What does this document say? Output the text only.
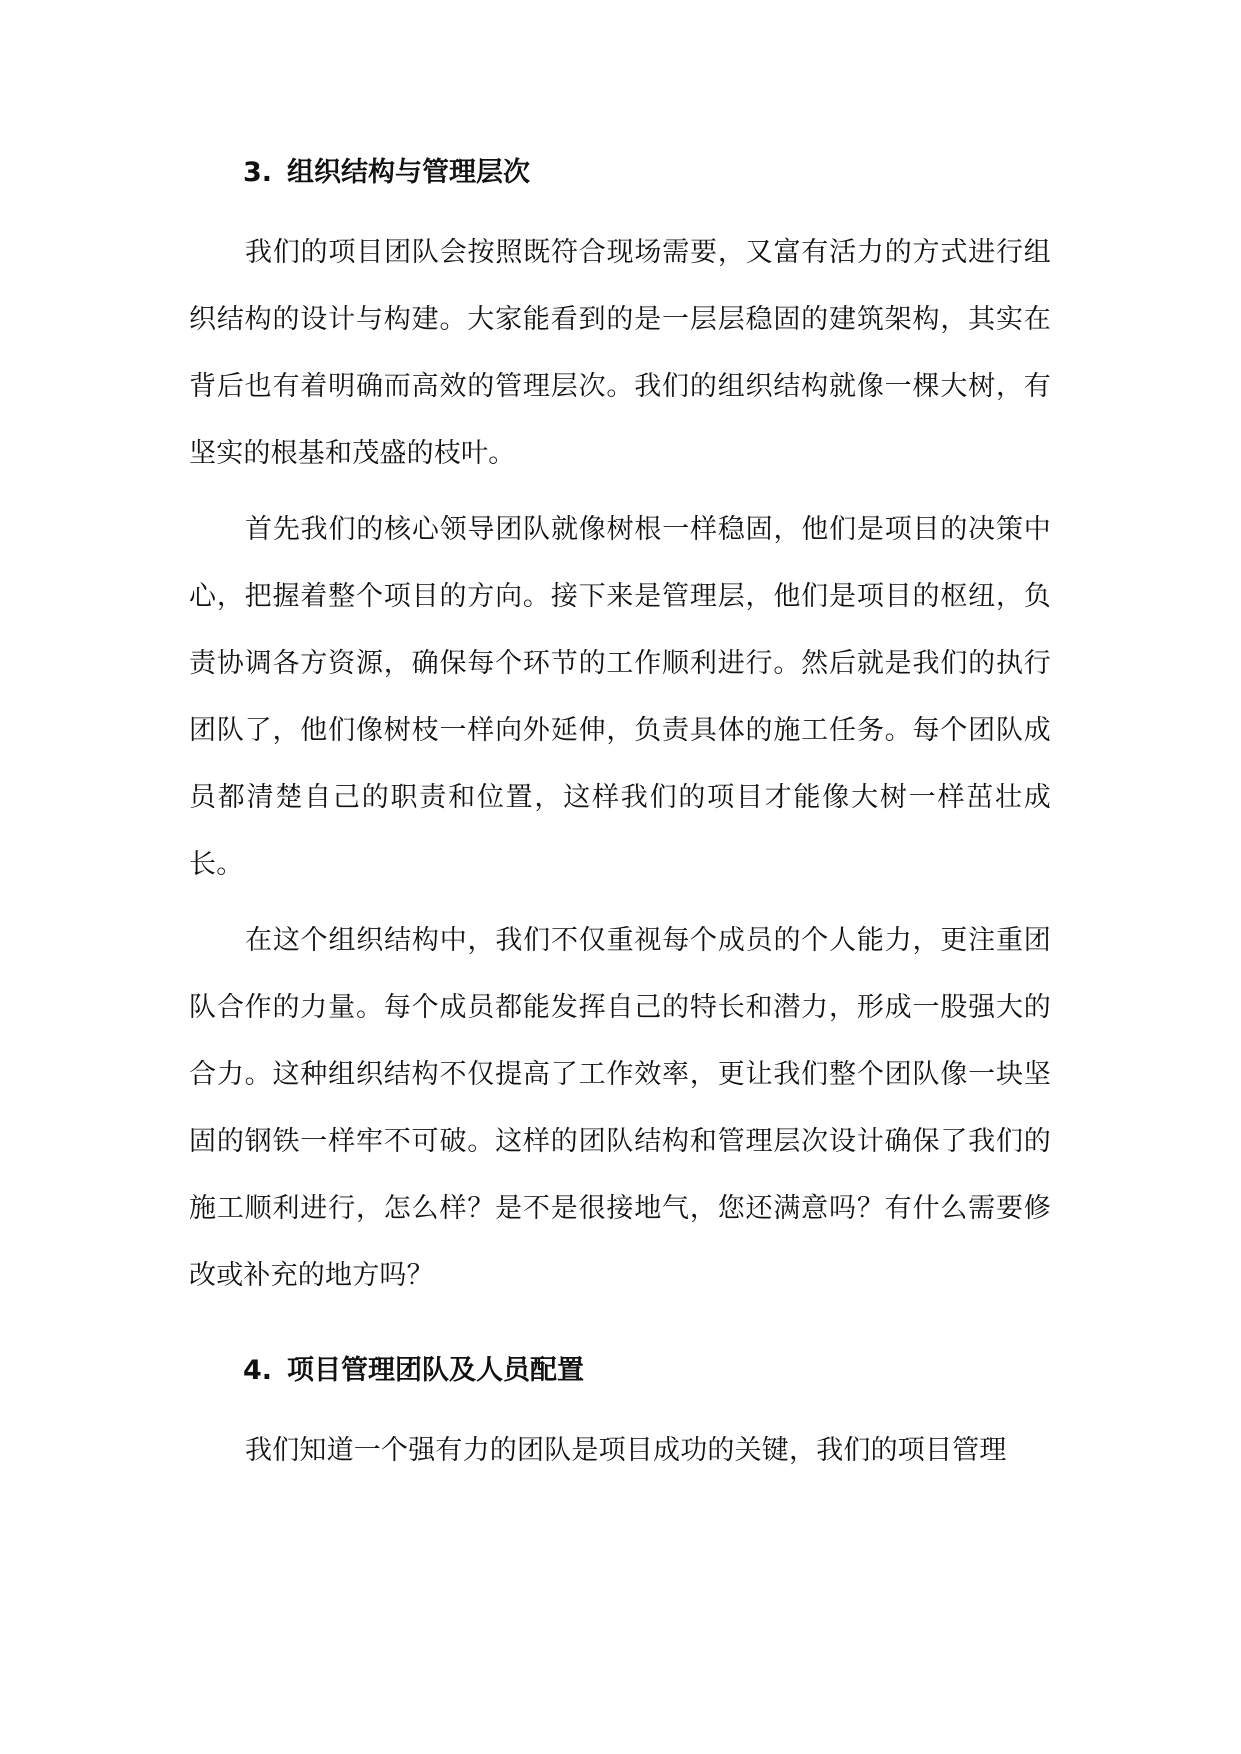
3. 组织结构与管理层次

我们的项目团队会按照既符合现场需要，又富有活力的方式进行组织结构的设计与构建。大家能看到的是一层层稳固的建筑架构，其实在背后也有着明确而高效的管理层次。我们的组织结构就像一棵大树，有坚实的根基和茂盛的枝叶。

首先我们的核心领导团队就像树根一样稳固，他们是项目的决策中心，把握着整个项目的方向。接下来是管理层，他们是项目的枢纽，负责协调各方资源，确保每个环节的工作顺利进行。然后就是我们的执行团队了，他们像树枝一样向外延伸，负责具体的施工任务。每个团队成员都清楚自己的职责和位置，这样我们的项目才能像大树一样茁壮成长。

在这个组织结构中，我们不仅重视每个成员的个人能力，更注重团队合作的力量。每个成员都能发挥自己的特长和潜力，形成一股强大的合力。这种组织结构不仅提高了工作效率，更让我们整个团队像一块坚固的钢铁一样牢不可破。这样的团队结构和管理层次设计确保了我们的施工顺利进行，怎么样？是不是很接地气，您还满意吗？有什么需要修改或补充的地方吗？

4. 项目管理团队及人员配置

我们知道一个强有力的团队是项目成功的关键，我们的项目管理
